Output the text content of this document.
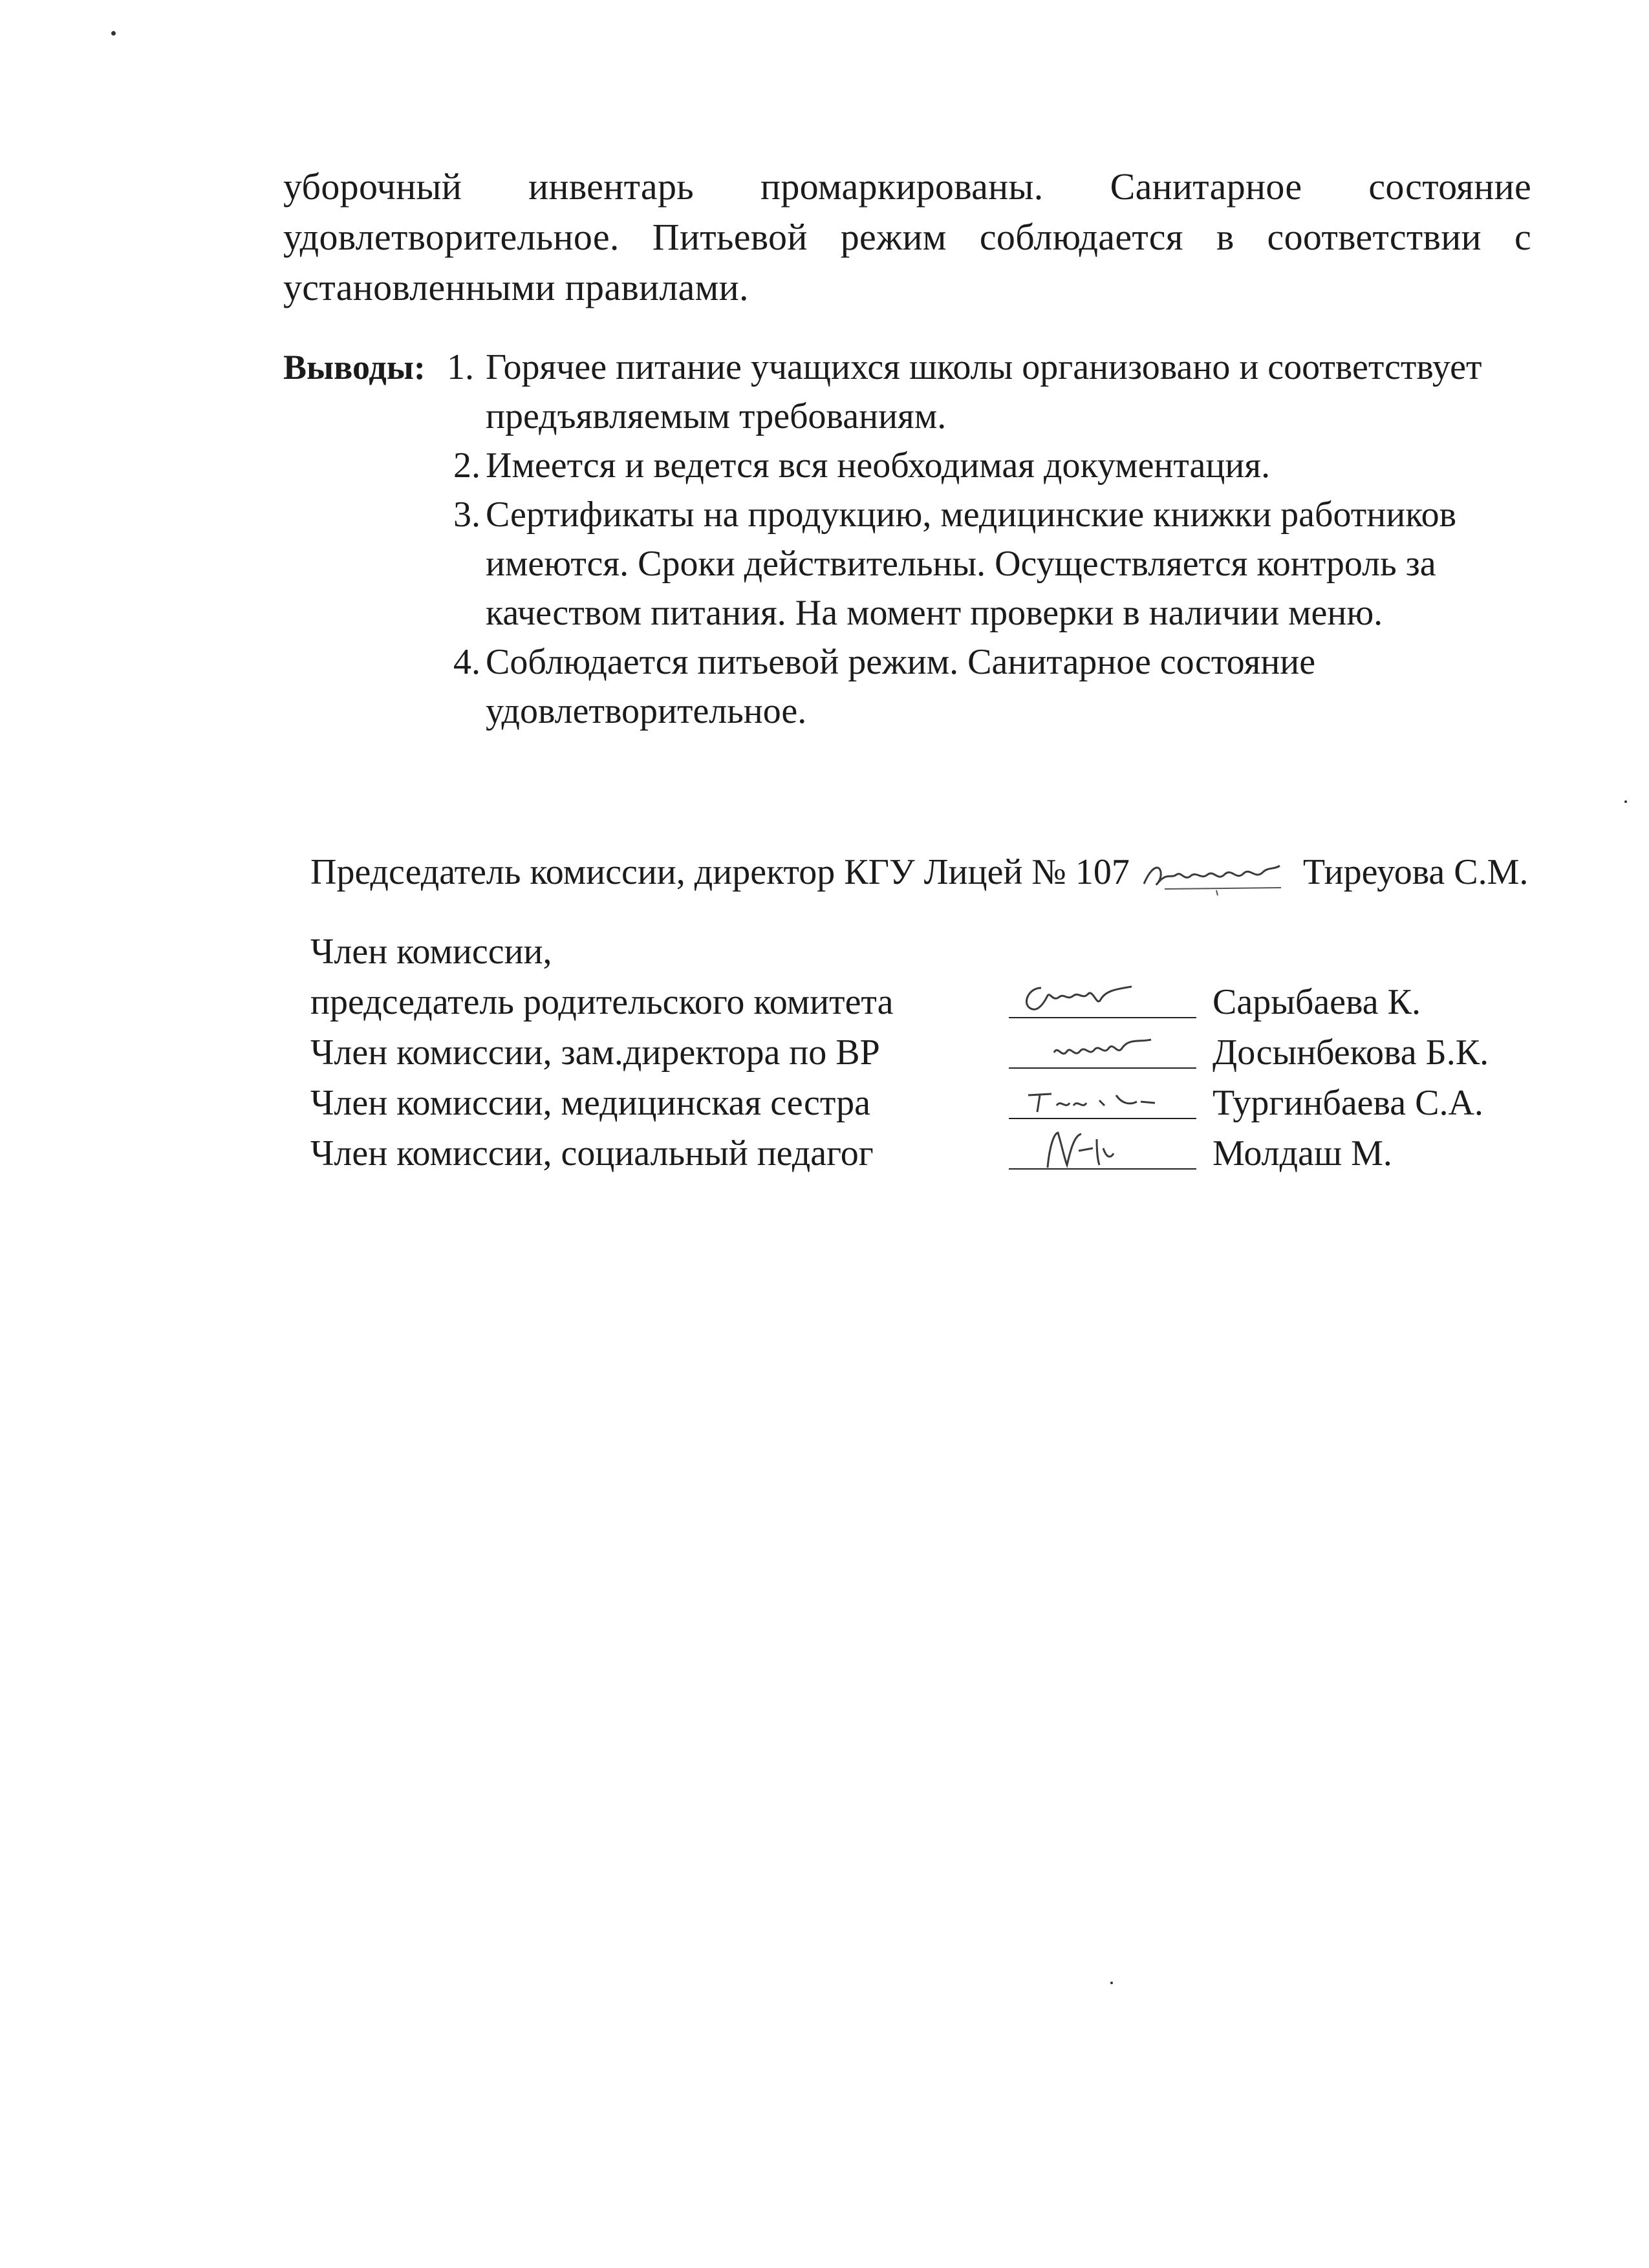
уборочный инвентарь промаркированы. Санитарное состояние удовлетворительное. Питьевой режим соблюдается в соответствии с установленными правилами.
Выводы: 1. Горячее питание учащихся школы организовано и соответствует предъявляемым требованиям.
2. Имеется и ведется вся необходимая документация.
3. Сертификаты на продукцию, медицинские книжки работников имеются. Сроки действительны. Осуществляется контроль за качеством питания. На момент проверки в наличии меню.
4. Соблюдается питьевой режим. Санитарное состояние удовлетворительное.
Председатель комиссии, директор КГУ Лицей № 107	Тиреуова С.М.
Член комиссии,
председатель родительского комитета	Сарыбаева К.
Член комиссии, зам.директора по ВР	Досынбекова Б.К.
Член комиссии, медицинская сестра	Тургинбаева С.А.
Член комиссии, социальный педагог	Молдаш М.
